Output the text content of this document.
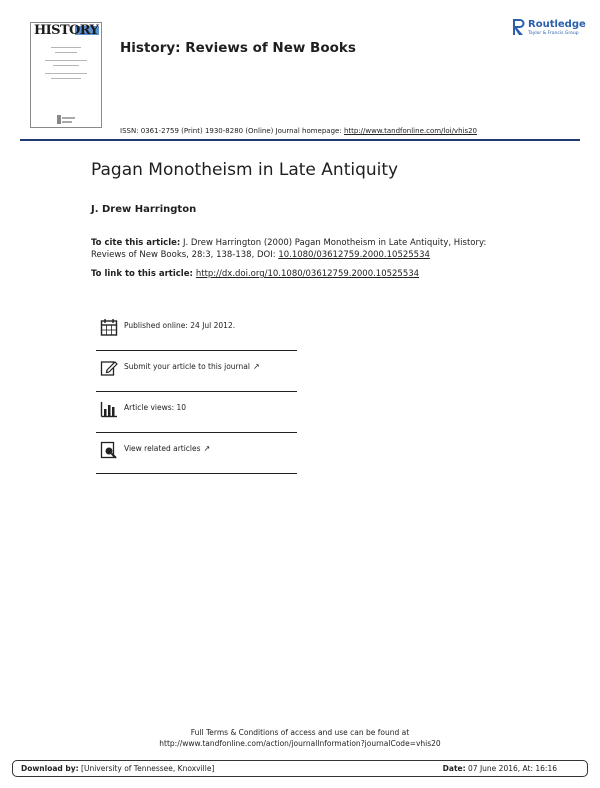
HISTORY
History: Reviews of New Books
Routledge
Taylor & Francis Group
ISSN: 0361-2759 (Print) 1930-8280 (Online) Journal homepage: http://www.tandfonline.com/loi/vhis20
Pagan Monotheism in Late Antiquity
J. Drew Harrington
To cite this article: J. Drew Harrington (2000) Pagan Monotheism in Late Antiquity, History: Reviews of New Books, 28:3, 138-138, DOI: 10.1080/03612759.2000.10525534
To link to this article: http://dx.doi.org/10.1080/03612759.2000.10525534
Published online: 24 Jul 2012.
Submit your article to this journal ↗
Article views: 10
View related articles ↗
Full Terms & Conditions of access and use can be found at
http://www.tandfonline.com/action/journalInformation?journalCode=vhis20
Download by: [University of Tennessee, Knoxville]	Date: 07 June 2016, At: 16:16
